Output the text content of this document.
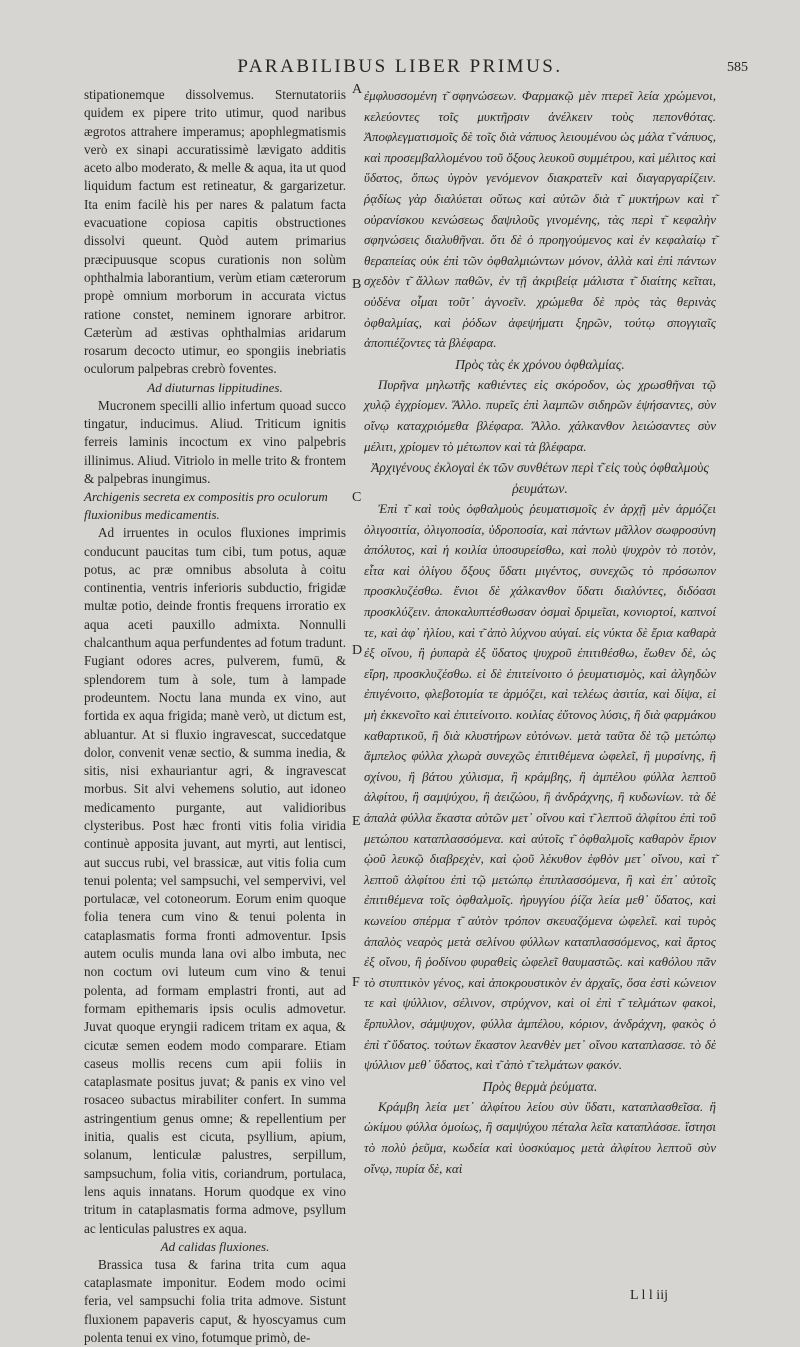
PARABILIBUS LIBER PRIMUS.	585

stipationemque dissolvemus. Sternutatoriis quidem ex pipere trito utimur, quod naribus ægrotos attrahere imperamus; apophlegmatismis verò ex sinapi accuratissimè lævigato additis aceto albo moderato, & melle & aqua, ita ut quod liquidum factum est retineatur, & gargarizetur. Ita enim facilè his per nares & palatum facta evacuatione copiosa capitis obstructiones dissolvi queunt. Quòd autem primarius præcipuusque scopus curationis non solùm ophthalmia laborantium, verùm etiam cæterorum propè omnium morborum in accurata victus ratione constet, neminem ignorare arbitror. Cæterùm ad æstivas ophthalmias aridarum rosarum decocto utimur, eo spongiis inebriatis oculorum palpebras crebrò foventes.

Ad diuturnas lippitudines.

Mucronem specilli allio infertum quoad succo tingatur, inducimus. Aliud. Triticum ignitis ferreis laminis incoctum ex vino palpebris illinimus. Aliud. Vitriolo in melle trito & frontem & palpebras inungimus.

Archigenis secreta ex compositis pro oculorum fluxionibus medicamentis.

Ad irruentes in oculos fluxiones imprimis conducunt paucitas tum cibi, tum potus, aquæ potus, ac præ omnibus absoluta à coitu continentia, ventris inferioris subductio, frigidæ multæ potio, deinde frontis frequens irroratio ex aqua aceti pauxillo admixta. Nonnulli chalcanthum aqua perfundentes ad fotum tradunt. Fugiant odores acres, pulverem, fumū, & splendorem tum à sole, tum à lampade prodeuntem. Noctu lana munda ex vino, aut fortida ex aqua frigida; manè verò, ut dictum est, abluantur. At si fluxio ingravescat, succedatque dolor, convenit venæ sectio, & summa inedia, & sitis, nisi exhauriantur agri, & ingravescat morbus. Sit alvi vehemens solutio, aut idoneo medicamento purgante, aut validioribus clysteribus. Post hæc fronti vitis folia viridia continuè apposita juvant, aut myrti, aut lentisci, aut succus rubi, vel brassicæ, aut vitis folia cum tenui polenta; vel sampsuchi, vel sempervivi, vel portulacæ, vel cotoneorum. Eorum enim quoque folia tenera cum vino & tenui polenta in cataplasmatis forma fronti admoventur. Ipsis autem oculis munda lana ovi albo imbuta, nec non coctum ovi luteum cum vino & tenui polenta, ad formam emplastri fronti, aut ad formam epithemaris ipsis oculis admovetur. Juvat quoque eryngii radicem tritam ex aqua, & cicutæ semen eodem modo comparare. Etiam caseus mollis recens cum apii foliis in cataplasmate positus juvat; & panis ex vino vel rosaceo subactus mirabiliter confert. In summa astringentium genus omne; & repellentium per initia, qualis est cicuta, psyllium, apium, solanum, lenticulæ palustres, serpillum, sampsuchum, folia vitis, coriandrum, portulaca, lens aquis innatans. Horum quodque ex vino tritum in cataplasmatis forma admove, psyllum ac lenticulas palustres ex aqua.

Ad calidas fluxiones.

Brassica tusa & farina trita cum aqua cataplasmate imponitur. Eodem modo ocimi feria, vel sampsuchi folia trita admove. Sistunt fluxionem papaveris caput, & hyoscyamus cum polenta tenui ex vino, fotumque primò, de-

A
B
C
D
E
F

ἐμφλυσσομένη τ͂ σφηνώσεων. Φαρμακῷ μὲν πτερεῖ λεία χρώμενοι, κελεύοντες τοῖς μυκτῆρσιν ἀνέλκειν τοὺς πεπονθότας. Ἀποφλεγματισμοῖς δὲ τοῖς διὰ νάπυος λειουμένου ὡς μάλα τ͂ νάπυος, καὶ προσεμβαλλομένου τοῦ ὄξους λευκοῦ συμμέτρου, καὶ μέλιτος καὶ ὕδατος, ὅπως ὑγρὸν γενόμενον διακρατεῖν καὶ διαγαργαρίζειν. ῥᾳδίως γὰρ διαλύεται οὕτως καὶ αὐτῶν διὰ τ͂ μυκτήρων καὶ τ͂ οὐρανίσκου κενώσεως δαψιλοῦς γινομένης, τὰς περὶ τ͂ κεφαλὴν σφηνώσεις διαλυθῆναι. ὅτι δὲ ὁ προηγούμενος καὶ ἐν κεφαλαίῳ τ͂ θεραπείας οὐκ ἐπὶ τῶν ὀφθαλμιώντων μόνον, ἀλλὰ καὶ ἐπὶ πάντων σχεδὸν τ͂ ἄλλων παθῶν, ἐν τῇ ἀκριβείᾳ μάλιστα τ͂ διαίτης κεῖται, οὐδένα οἶμαι τοῦτ᾽ ἀγνοεῖν. χρώμεθα δὲ πρὸς τὰς θερινὰς ὀφθαλμίας, καὶ ῥόδων ἀφεψήματι ξηρῶν, τούτῳ σπογγιαῖς ἀποπιέζοντες τὰ βλέφαρα.

Πρὸς τὰς ἐκ χρόνου ὀφθαλμίας.

Πυρῆνα μηλωτῆς καθιέντες εἰς σκόροδον, ὡς χρωσθῆναι τῷ χυλῷ ἐγχρίομεν. Ἄλλο. πυρεῖς ἐπὶ λαμπῶν σιδηρῶν ἑψήσαντες, σὺν οἴνῳ καταχριόμεθα βλέφαρα. Ἄλλο. χάλκανθον λειώσαντες σὺν μέλιτι, χρίομεν τὸ μέτωπον καὶ τὰ βλέφαρα.

Ἀρχιγένους ἐκλογαὶ ἐκ τῶν συνθέτων περὶ τ͂ εἰς τοὺς ὀφθαλμοὺς ῥευμάτων.

Ἐπὶ τ͂ καὶ τοὺς ὀφθαλμοὺς ῥευματισμοῖς ἐν ἀρχῇ μὲν ἁρμόζει ὀλιγοσιτία, ὀλιγοποσία, ὑδροποσία, καὶ πάντων μᾶλλον σωφροσύνη ἀπόλυτος, καὶ ἡ κοιλία ὑποσυρείσθω, καὶ πολὺ ψυχρὸν τὸ ποτὸν, εἶτα καὶ ὀλίγου ὄξους ὕδατι μιγέντος, συνεχῶς τὸ πρόσωπον προσκλυζέσθω. ἔνιοι δὲ χάλκανθον ὕδατι διαλύντες, διδόασι προσκλύζειν. ἀποκαλυπτέσθωσαν ὀσμαὶ δριμεῖαι, κονιορτοί, καπνοί τε, καὶ ἀφ᾽ ἡλίου, καὶ τ͂ ἀπὸ λύχνου αὐγαί. εἰς νύκτα δὲ ἔρια καθαρὰ ἐξ οἴνου, ἢ ῥυπαρὰ ἐξ ὕδατος ψυχροῦ ἐπιτιθέσθω, ἕωθεν δὲ, ὡς εἴρη, προσκλυζέσθω. εἰ δὲ ἐπιτείνοιτο ὁ ῥευματισμὸς, καὶ ἀλγηδὼν ἐπιγένοιτο, φλεβοτομία τε ἁρμόζει, καὶ τελέως ἀσιτία, καὶ δίψα, εἰ μὴ ἐκκενοῖτο καὶ ἐπιτείνοιτο. κοιλίας ἐὔτονος λύσις, ἢ διὰ φαρμάκου καθαρτικοῦ, ἢ διὰ κλυστήρων εὐτόνων. μετὰ ταῦτα δὲ τῷ μετώπῳ ἄμπελος φύλλα χλωρὰ συνεχῶς ἐπιτιθέμενα ὠφελεῖ, ἢ μυρσίνης, ἢ σχίνου, ἢ βάτου χύλισμα, ἢ κράμβης, ἢ ἀμπέλου φύλλα λεπτοῦ ἀλφίτου, ἢ σαμψύχου, ἢ ἀειζώου, ἢ ἀνδράχνης, ἢ κυδωνίων. τὰ δὲ ἁπαλὰ φύλλα ἕκαστα αὐτῶν μετ᾽ οἴνου καὶ τ͂ λεπτοῦ ἀλφίτου ἐπὶ τοῦ μετώπου καταπλασσόμενα. καὶ αὐτοῖς τ͂ ὀφθαλμοῖς καθαρὸν ἔριον ᾠοῦ λευκῷ διαβρεχὲν, καὶ ᾠοῦ λέκυθον ἑφθὸν μετ᾽ οἴνου, καὶ τ͂ λεπτοῦ ἀλφίτου ἐπὶ τῷ μετώπῳ ἐπιπλασσόμενα, ἢ καὶ ἐπ᾽ αὐτοῖς ἐπιτιθέμενα τοῖς ὀφθαλμοῖς. ἠρυγγίου ῥίζα λεία μεθ᾽ ὕδατος, καὶ κωνείου σπέρμα τ͂ αὐτὸν τρόπον σκευαζόμενα ὠφελεῖ. καὶ τυρὸς ἁπαλὸς νεαρὸς μετὰ σελίνου φύλλων καταπλασσόμενος, καὶ ἄρτος ἐξ οἴνου, ἢ ῥοδίνου φυραθεὶς ὠφελεῖ θαυμαστῶς. καὶ καθόλου πᾶν τὸ στυπτικὸν γένος, καὶ ἀποκρουστικὸν ἐν ἀρχαῖς, ὅσα ἐστὶ κώνειον τε καὶ ψύλλιον, σέλινον, στρύχνον, καὶ οἱ ἐπὶ τ͂ τελμάτων φακοὶ, ἕρπυλλον, σάμψυχον, φύλλα ἀμπέλου, κόριον, ἀνδράχνη, φακὸς ὁ ἐπὶ τ͂ ὕδατος. τούτων ἕκαστον λεανθὲν μετ᾽ οἴνου καταπλασσε. τὸ δὲ ψύλλιον μεθ᾽ ὕδατος, καὶ τ͂ ἀπὸ τ͂ τελμάτων φακόν.

Πρὸς θερμὰ ῥεύματα.

Κράμβη λεία μετ᾽ ἀλφίτου λείου σὺν ὕδατι, καταπλασθεῖσα. ἢ ὠκίμου φύλλα ὁμοίως, ἢ σαμψύχου πέταλα λεῖα καταπλάσσε. ἵστησι τὸ πολὺ ῥεῦμα, κωδεία καὶ ὑοσκύαμος μετὰ ἀλφίτου λεπτοῦ σὺν οἴνῳ, πυρία δὲ, καὶ

L l l iij
